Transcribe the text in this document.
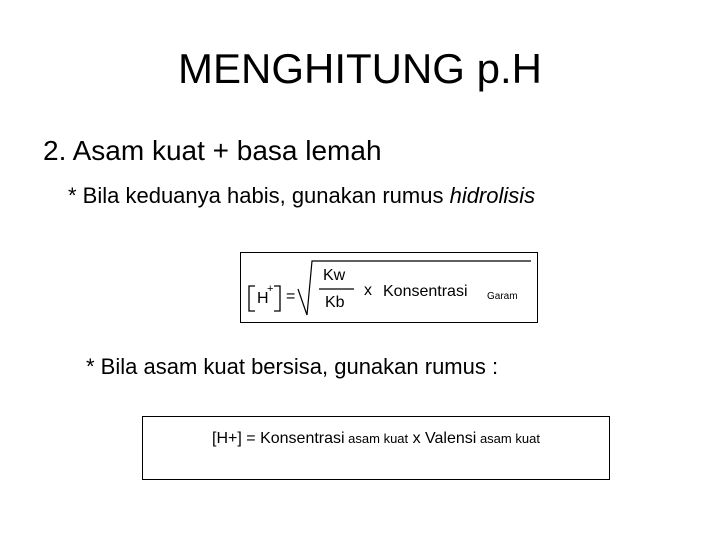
MENGHITUNG p.H
2. Asam kuat + basa lemah
* Bila keduanya habis, gunakan rumus hidrolisis
H
+ =
Kw
Kb
x Konsentrasi Garam
* Bila asam kuat bersisa, gunakan rumus :
[H+] = Konsentrasi asam kuat x Valensi asam kuat
